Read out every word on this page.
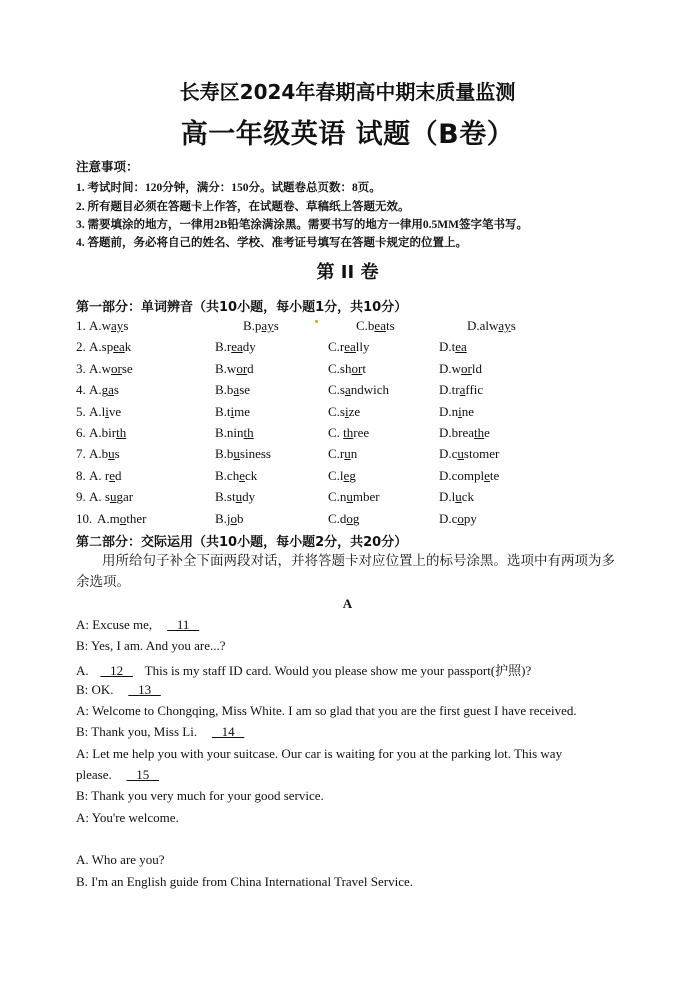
长寿区2024年春期高中期末质量监测
高一年级英语 试题（B卷）
注意事项：
1. 考试时间：120分钟，满分：150分。试题卷总页数：8页。
2. 所有题目必须在答题卡上作答，在试题卷、草稿纸上答题无效。
3. 需要填涂的地方，一律用2B铅笔涂满涂黑。需要书写的地方一律用0.5MM签字笔书写。
4. 答题前，务必将自己的姓名、学校、准考证号填写在答题卡规定的位置上。
第 II 卷
第一部分：单词辨音（共10小题，每小题1分，共10分）
1. A.ways	B.pays	C.beats	D.always
2. A.speak	B.ready	C.really	D.tea
3. A.worse	B.word	C.short	D.world
4. A.gas	B.base	C.sandwich	D.traffic
5. A.live	B.time	C.size	D.nine
6. A.birth	B.ninth	C. three	D.breathe
7. A.bus	B.business	C.run	D.customer
8. A. red	B.check	C.leg	D.complete
9. A. sugar	B.study	C.number	D.luck
10. A.mother	B.job	C.dog	D.copy
第二部分：交际运用（共10小题，每小题2分，共20分）
用所给句子补全下面两段对话，并将答题卡对应位置上的标号涂黑。选项中有两项为多余选项。
A
A: Excuse me,   11
B: Yes, I am. And you are...?
A.   12   This is my staff ID card. Would you please show me your passport(护照)?
B: OK.   13
A: Welcome to Chongqing, Miss White. I am so glad that you are the first guest I have received.
B: Thank you, Miss Li.   14
A: Let me help you with your suitcase. Our car is waiting for you at the parking lot. This way
please.   15
B: Thank you very much for your good service.
A: You're welcome.
A. Who are you?
B. I'm an English guide from China International Travel Service.
